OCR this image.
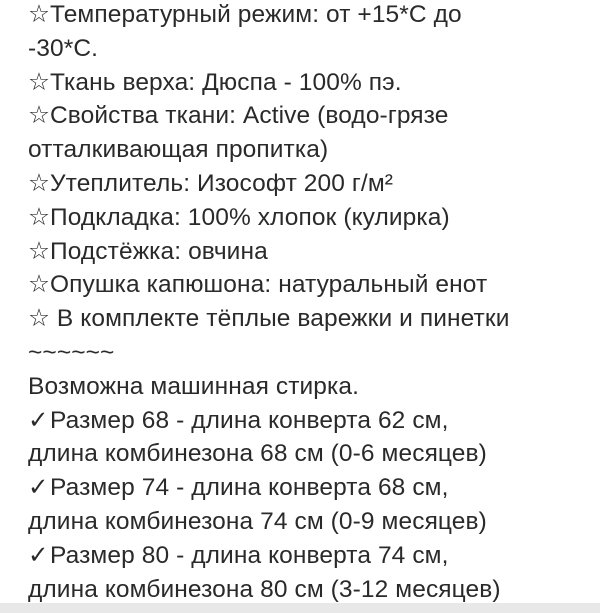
☆Температурный режим: от +15*С до
-30*С.
☆Ткань верха: Дюспа - 100% пэ.
☆Свойства ткани: Active (водо-грязе
отталкивающая пропитка)
☆Утеплитель: Изософт 200 г/м²
☆Подкладка: 100% хлопок (кулирка)
☆Подстёжка: овчина
☆Опушка капюшона: натуральный енот
☆ В комплекте тёплые варежки и пинетки
~~~~~~
Возможна машинная стирка.
✓Размер 68 - длина конверта 62 см,
длина комбинезона 68 см (0-6 месяцев)
✓Размер 74 - длина конверта 68 см,
длина комбинезона 74 см (0-9 месяцев)
✓Размер 80 - длина конверта 74 см,
длина комбинезона 80 см (3-12 месяцев)
